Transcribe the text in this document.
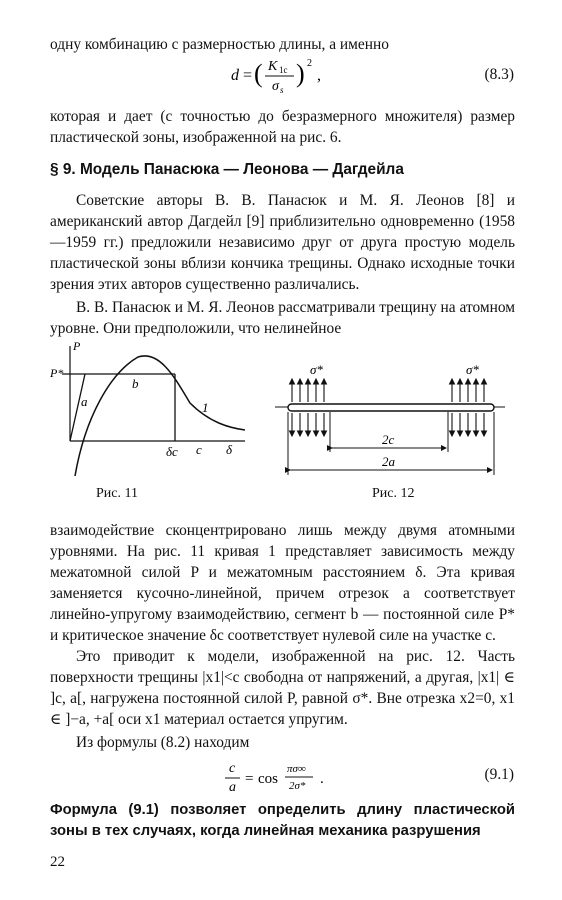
одну комбинацию с размерностью длины, а именно

d = ( K 1c
σ s
) 2
,	(8.3)

которая и дает (с точностью до безразмерного множителя) размер пластической зоны, изображенной на рис. 6.

§ 9. Модель Панасюка — Леонова — Дагдейла

Советские авторы В. В. Панасюк и М. Я. Леонов [8] и американский автор Дагдейл [9] приблизительно одновременно (1958—1959 гг.) предложили независимо друг от друга простую модель пластической зоны вблизи кончика трещины. Однако исходные точки зрения этих авторов существенно различались.

В. В. Панасюк и М. Я. Леонов рассматривали трещину на атомном уровне. Они предположили, что нелинейное

P
P*
a
b
1
δc c δ
Рис. 11
σ*	σ*
2c
2a
Рис. 12

взаимодействие сконцентрировано лишь между двумя атомными уровнями. На рис. 11 кривая 1 представляет зависимость между межатомной силой P и межатомным расстоянием δ. Эта кривая заменяется кусочно-линейной, причем отрезок a соответствует линейно-упругому взаимодействию, сегмент b — постоянной силе P* и критическое значение δc соответствует нулевой силе на участке c.

Это приводит к модели, изображенной на рис. 12. Часть поверхности трещины |x1|<c свободна от напряжений, а другая, |x1| ∈ ]c, a[, нагружена постоянной силой P, равной σ*. Вне отрезка x2=0, x1 ∈ ]−a, +a[ оси x1 материал остается упругим.

Из формулы (8.2) находим

c
a
= cos
πσ∞
2σ* .	(9.1)

Формула (9.1) позволяет определить длину пластической зоны в тех случаях, когда линейная механика разрушения

22
